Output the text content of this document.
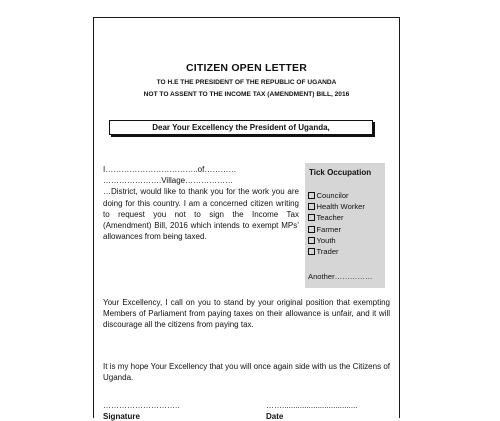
CITIZEN OPEN LETTER
TO H.E THE PRESIDENT OF THE REPUBLIC OF UGANDA
NOT TO ASSENT TO THE INCOME TAX (AMENDMENT) BILL, 2016
Dear Your Excellency the President of Uganda,
I……………………………..of…………
………………….Village………………
…District, would like to thank you for the work you are doing for this country. I am a concerned citizen writing to request you not to sign the Income Tax (Amendment) Bill, 2016 which intends to exempt MPs’ allowances from being taxed.
Tick Occupation
Councilor
Health Worker
Teacher
Farmer
Youth
Trader
Another……………

Your Excellency, I call on you to stand by your original position that exempting Members of Parliament from paying taxes on their allowance is unfair, and it will discourage all the citizens from paying tax.

It is my hope Your Excellency that you will once again side with us the Citizens of Uganda.

………………………..	……..................................
Signature	Date
